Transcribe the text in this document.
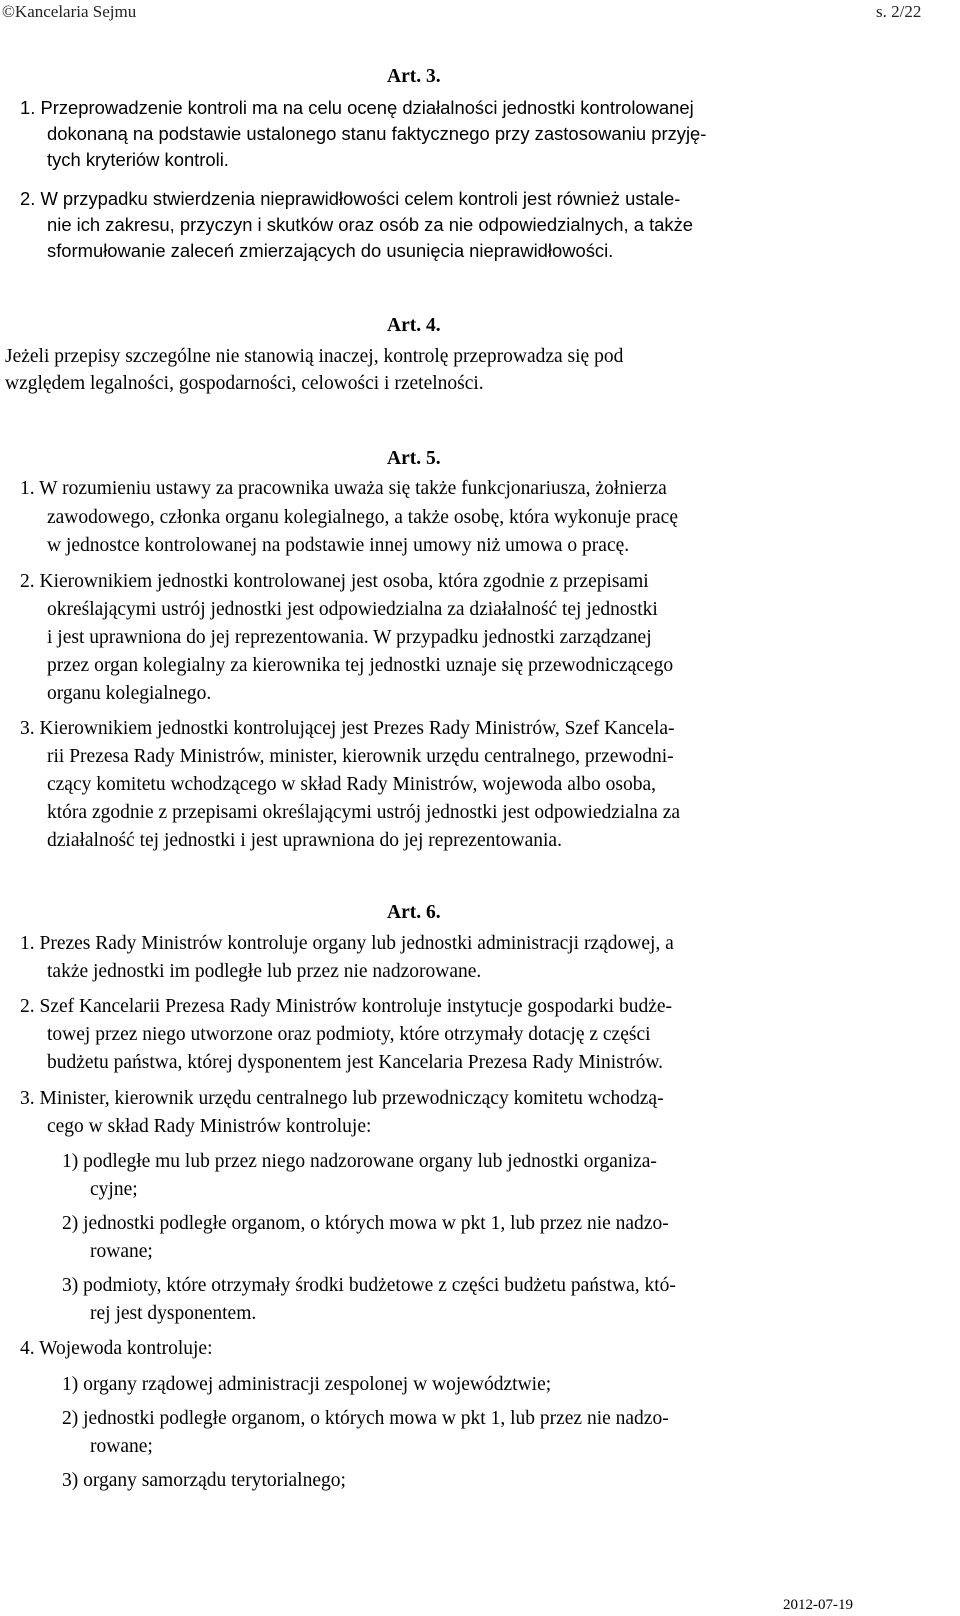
©Kancelaria Sejmu	s. 2/22
Art. 3.
1. Przeprowadzenie kontroli ma na celu ocenę działalności jednostki kontrolowanej
dokonaną na podstawie ustalonego stanu faktycznego przy zastosowaniu przyję-
tych kryteriów kontroli.
2. W przypadku stwierdzenia nieprawidłowości celem kontroli jest również ustale-
nie ich zakresu, przyczyn i skutków oraz osób za nie odpowiedzialnych, a także
sformułowanie zaleceń zmierzających do usunięcia nieprawidłowości.
Art. 4.
Jeżeli przepisy szczególne nie stanowią inaczej, kontrolę przeprowadza się pod
względem legalności, gospodarności, celowości i rzetelności.
Art. 5.
1. W rozumieniu ustawy za pracownika uważa się także funkcjonariusza, żołnierza
zawodowego, członka organu kolegialnego, a także osobę, która wykonuje pracę
w jednostce kontrolowanej na podstawie innej umowy niż umowa o pracę.
2. Kierownikiem jednostki kontrolowanej jest osoba, która zgodnie z przepisami
określającymi ustrój jednostki jest odpowiedzialna za działalność tej jednostki
i jest uprawniona do jej reprezentowania. W przypadku jednostki zarządzanej
przez organ kolegialny za kierownika tej jednostki uznaje się przewodniczącego
organu kolegialnego.
3. Kierownikiem jednostki kontrolującej jest Prezes Rady Ministrów, Szef Kancela-
rii Prezesa Rady Ministrów, minister, kierownik urzędu centralnego, przewodni-
czący komitetu wchodzącego w skład Rady Ministrów, wojewoda albo osoba,
która zgodnie z przepisami określającymi ustrój jednostki jest odpowiedzialna za
działalność tej jednostki i jest uprawniona do jej reprezentowania.
Art. 6.
1. Prezes Rady Ministrów kontroluje organy lub jednostki administracji rządowej, a
także jednostki im podległe lub przez nie nadzorowane.
2. Szef Kancelarii Prezesa Rady Ministrów kontroluje instytucje gospodarki budże-
towej przez niego utworzone oraz podmioty, które otrzymały dotację z części
budżetu państwa, której dysponentem jest Kancelaria Prezesa Rady Ministrów.
3. Minister, kierownik urzędu centralnego lub przewodniczący komitetu wchodzą-
cego w skład Rady Ministrów kontroluje:
1) podległe mu lub przez niego nadzorowane organy lub jednostki organiza-
cyjne;
2) jednostki podległe organom, o których mowa w pkt 1, lub przez nie nadzo-
rowane;
3) podmioty, które otrzymały środki budżetowe z części budżetu państwa, któ-
rej jest dysponentem.
4. Wojewoda kontroluje:
1) organy rządowej administracji zespolonej w województwie;
2) jednostki podległe organom, o których mowa w pkt 1, lub przez nie nadzo-
rowane;
3) organy samorządu terytorialnego;
2012-07-19
